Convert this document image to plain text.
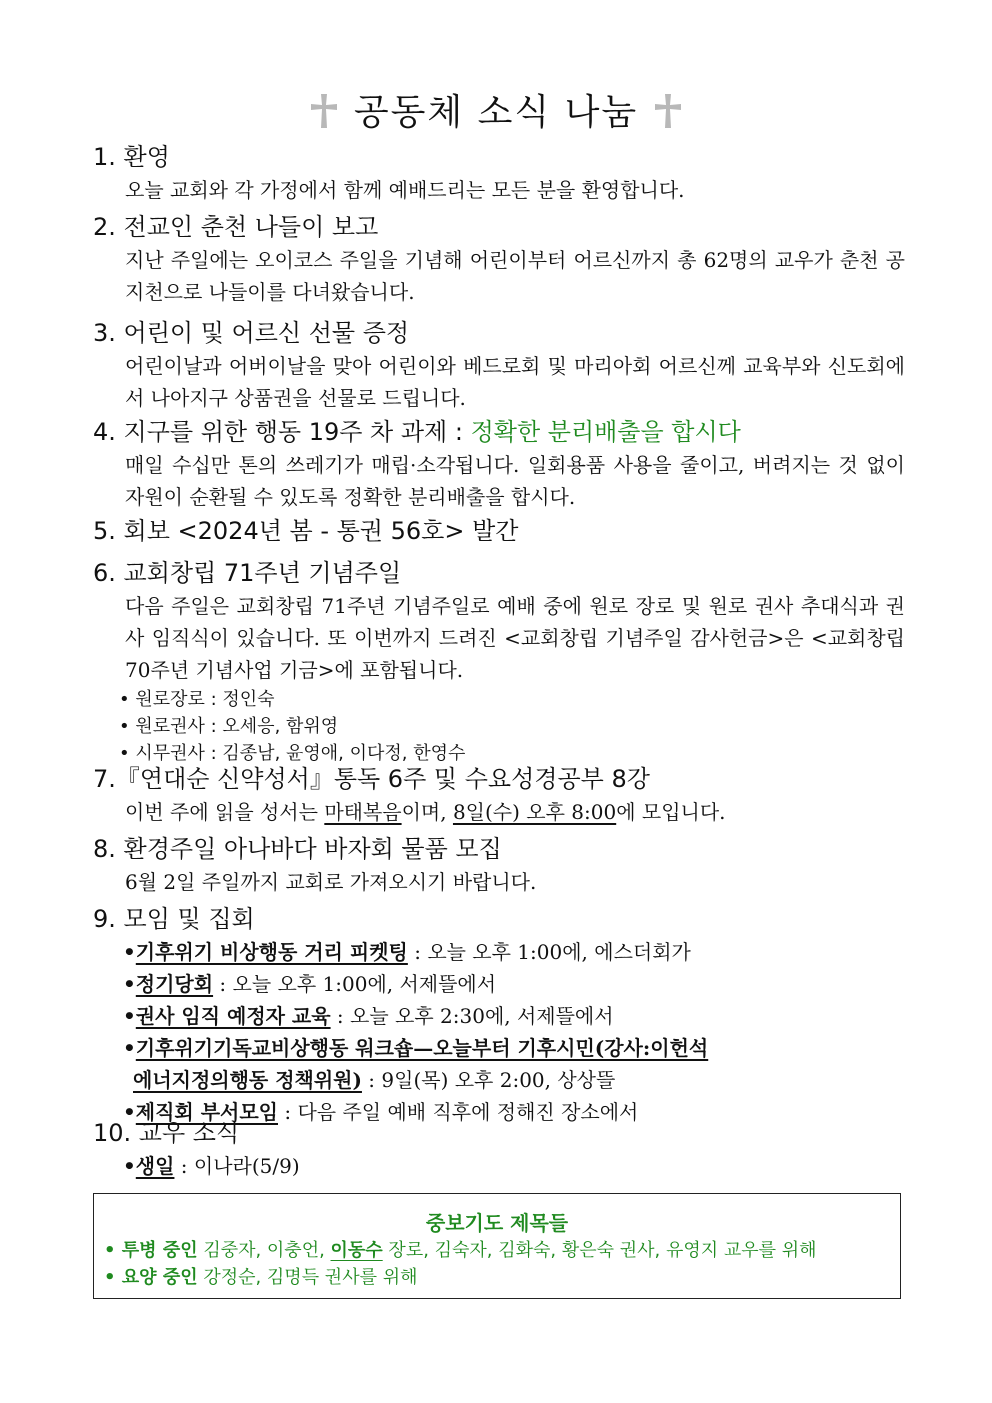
공동체 소식 나눔
1. 환영
오늘 교회와 각 가정에서 함께 예배드리는 모든 분을 환영합니다.
2. 전교인 춘천 나들이 보고
지난 주일에는 오이코스 주일을 기념해 어린이부터 어르신까지 총 62명의 교우가 춘천 공지천으로 나들이를 다녀왔습니다.
3. 어린이 및 어르신 선물 증정
어린이날과 어버이날을 맞아 어린이와 베드로회 및 마리아회 어르신께 교육부와 신도회에서 나아지구 상품권을 선물로 드립니다.
4. 지구를 위한 행동 19주 차 과제 : 정확한 분리배출을 합시다
매일 수십만 톤의 쓰레기가 매립·소각됩니다. 일회용품 사용을 줄이고, 버려지는 것 없이 자원이 순환될 수 있도록 정확한 분리배출을 합시다.
5. 회보 <2024년 봄 - 통권 56호> 발간
6. 교회창립 71주년 기념주일
다음 주일은 교회창립 71주년 기념주일로 예배 중에 원로 장로 및 원로 권사 추대식과 권사 임직식이 있습니다. 또 이번까지 드려진 <교회창립 기념주일 감사헌금>은 <교회창립 70주년 기념사업 기금>에 포함됩니다.
• 원로장로 : 정인숙
• 원로권사 : 오세응, 함위영
• 시무권사 : 김종남, 윤영애, 이다정, 한영수
7.『연대순 신약성서』통독 6주 및 수요성경공부 8강
이번 주에 읽을 성서는 마태복음이며, 8일(수) 오후 8:00에 모입니다.
8. 환경주일 아나바다 바자회 물품 모집
6월 2일 주일까지 교회로 가져오시기 바랍니다.
9. 모임 및 집회
•기후위기 비상행동 거리 피켓팅 : 오늘 오후 1:00에, 에스더회가
•정기당회 : 오늘 오후 1:00에, 서제뜰에서
•권사 임직 예정자 교육 : 오늘 오후 2:30에, 서제뜰에서
•기후위기기독교비상행동 워크숍—오늘부터 기후시민(강사:이헌석
에너지정의행동 정책위원) : 9일(목) 오후 2:00, 상상뜰
•제직회 부서모임 : 다음 주일 예배 직후에 정해진 장소에서
10. 교우 소식
•생일 : 이나라(5/9)
중보기도 제목들
• 투병 중인 김중자, 이충언, 이동수 장로, 김숙자, 김화숙, 황은숙 권사, 유영지 교우를 위해
• 요양 중인 강정순, 김명득 권사를 위해
